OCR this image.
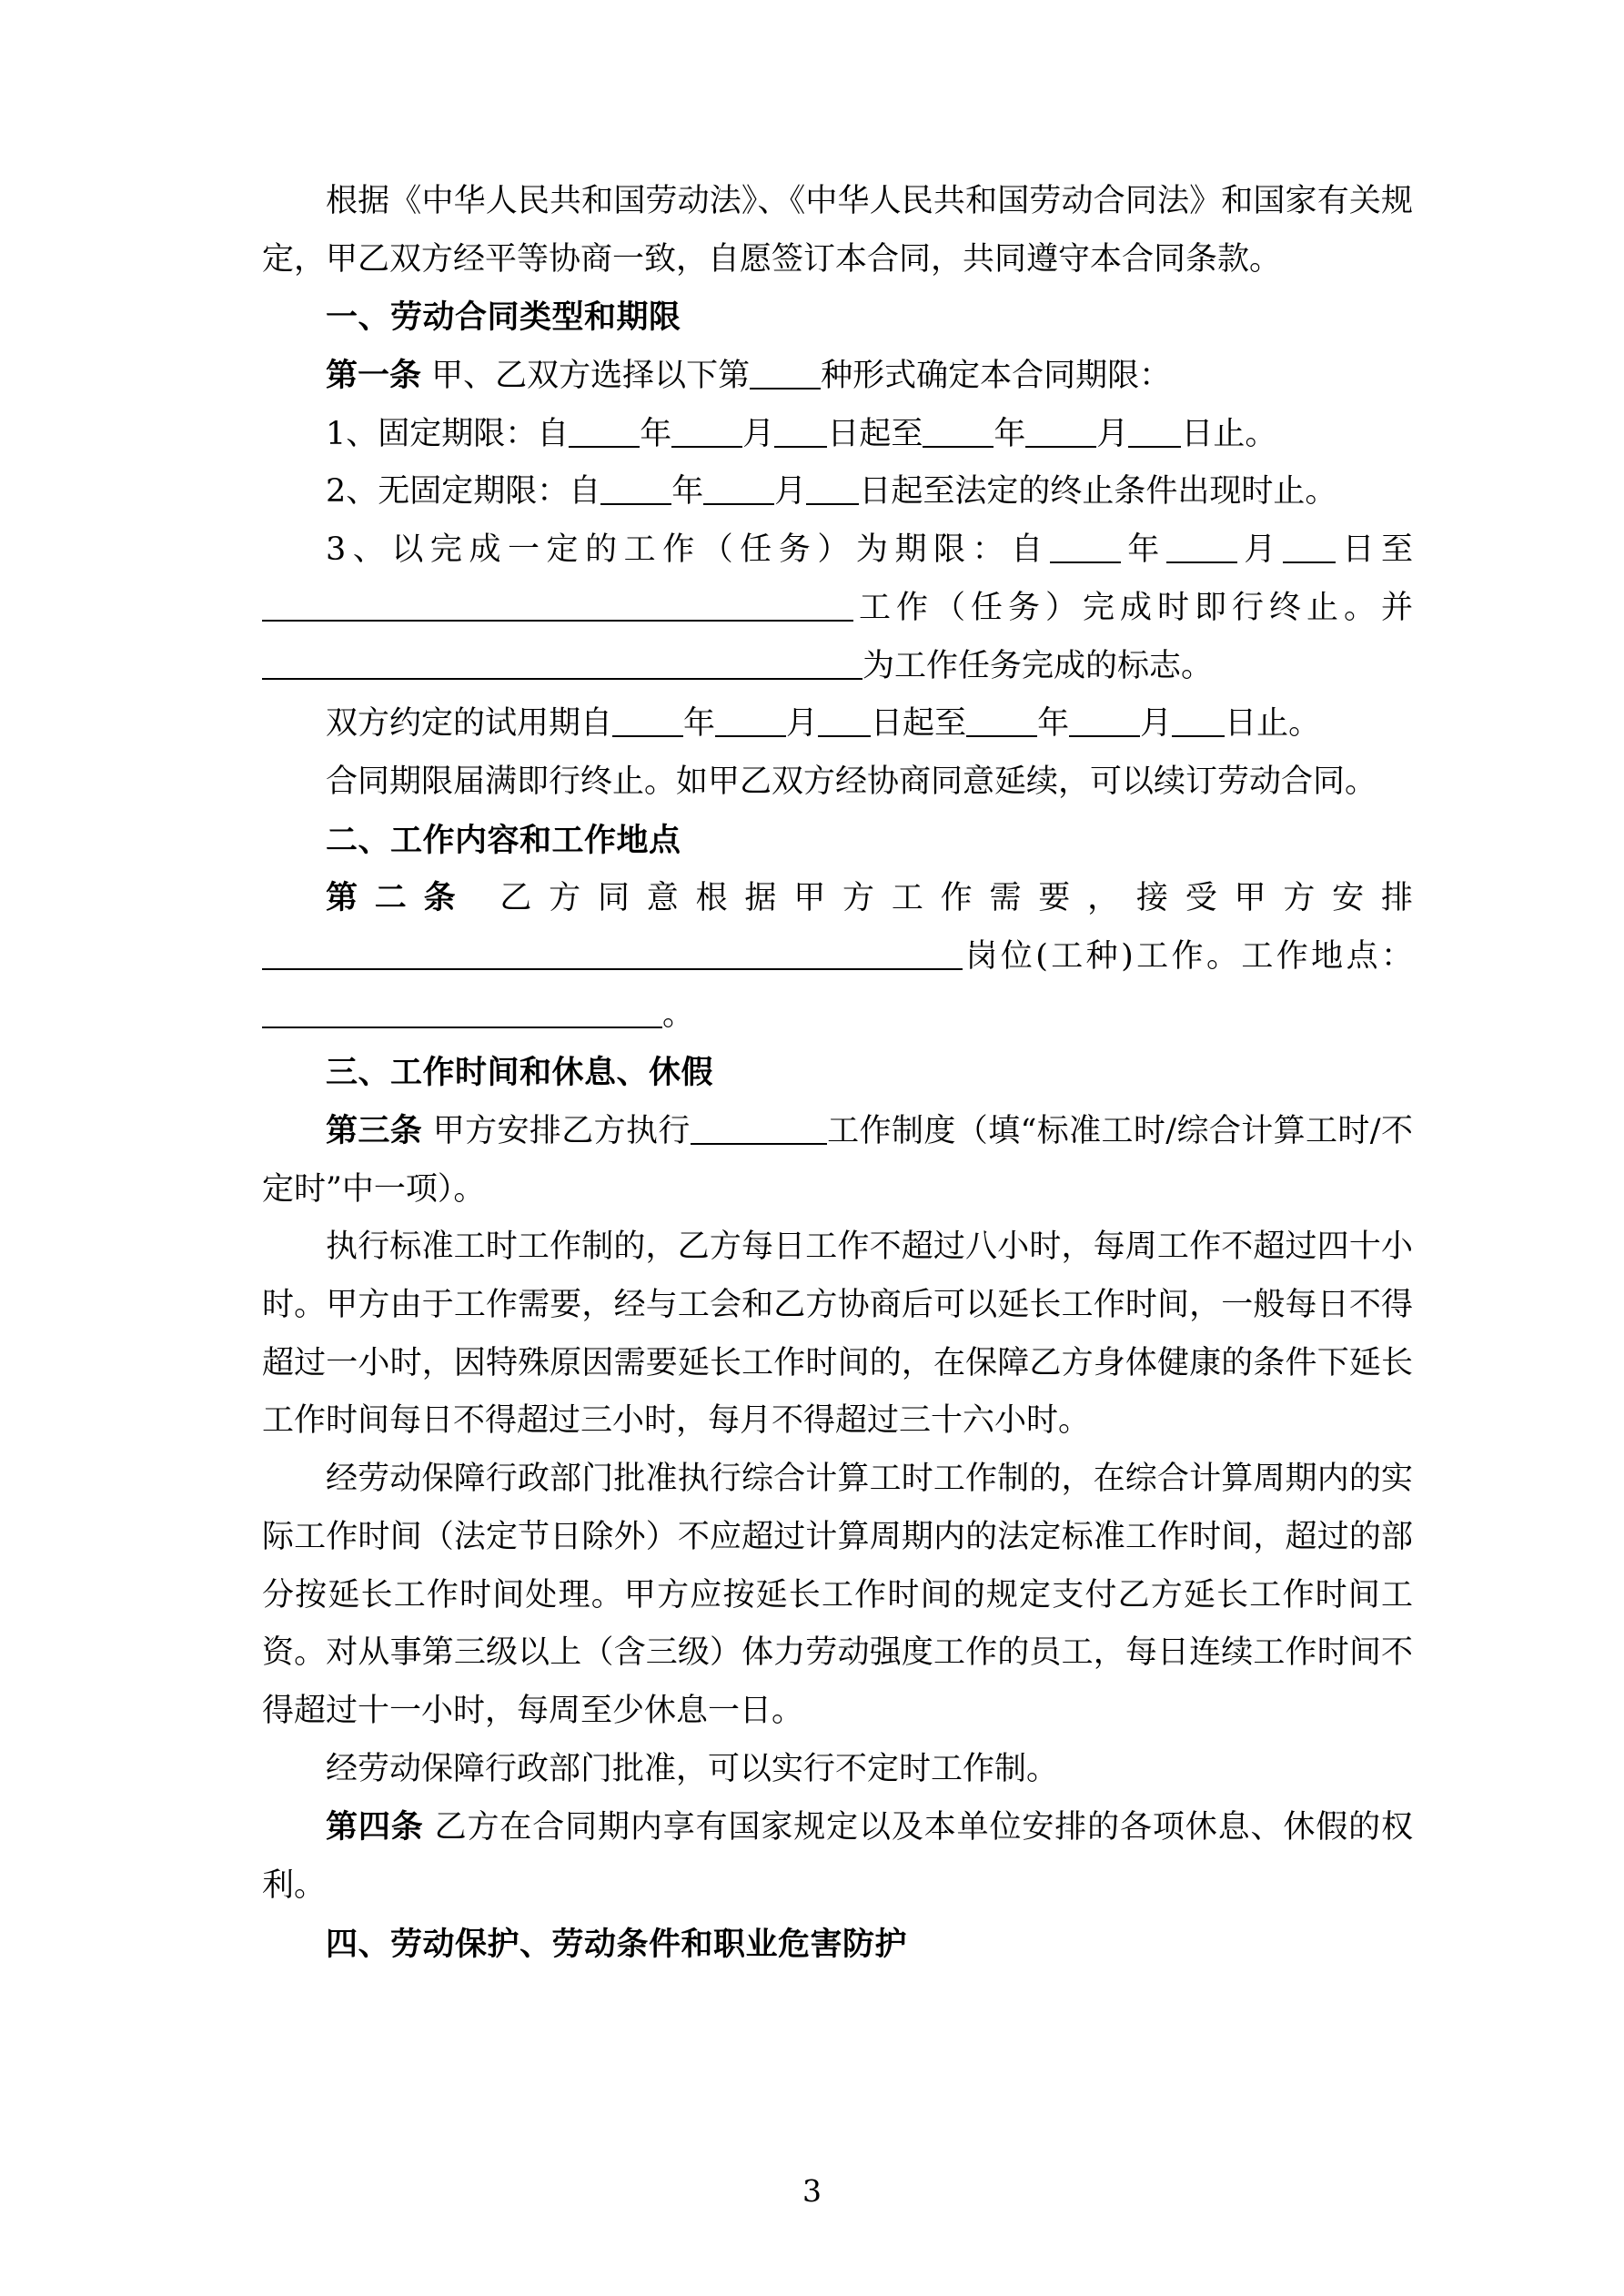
根据《中华人民共和国劳动法》、《中华人民共和国劳动合同法》和国家有关规定，甲乙双方经平等协商一致，自愿签订本合同，共同遵守本合同条款。

一、劳动合同类型和期限

第一条 甲、乙双方选择以下第 种形式确定本合同期限：

1、固定期限：自 年 月 日起至 年 月 日止。

2、无固定期限：自 年 月 日起至法定的终止条件出现时止。

3、以完成一定的工作（任务）为期限：自 年 月 日至工作（任务）完成时即行终止。并为工作任务完成的标志。

双方约定的试用期自 年 月 日起至 年 月 日止。

合同期限届满即行终止。如甲乙双方经协商同意延续，可以续订劳动合同。

二、工作内容和工作地点

第二条 乙方同意根据甲方工作需要，接受甲方安排岗位(工种)工作。工作地点：。

三、工作时间和休息、休假

第三条 甲方安排乙方执行	工作制度（填“标准工时/综合计算工时/不定时”中一项）。

执行标准工时工作制的，乙方每日工作不超过八小时，每周工作不超过四十小时。甲方由于工作需要，经与工会和乙方协商后可以延长工作时间，一般每日不得超过一小时，因特殊原因需要延长工作时间的，在保障乙方身体健康的条件下延长工作时间每日不得超过三小时，每月不得超过三十六小时。

经劳动保障行政部门批准执行综合计算工时工作制的，在综合计算周期内的实际工作时间（法定节日除外）不应超过计算周期内的法定标准工作时间，超过的部分按延长工作时间处理。甲方应按延长工作时间的规定支付乙方延长工作时间工资。对从事第三级以上（含三级）体力劳动强度工作的员工，每日连续工作时间不得超过十一小时，每周至少休息一日。

经劳动保障行政部门批准，可以实行不定时工作制。

第四条 乙方在合同期内享有国家规定以及本单位安排的各项休息、休假的权利。

四、劳动保护、劳动条件和职业危害防护

3
